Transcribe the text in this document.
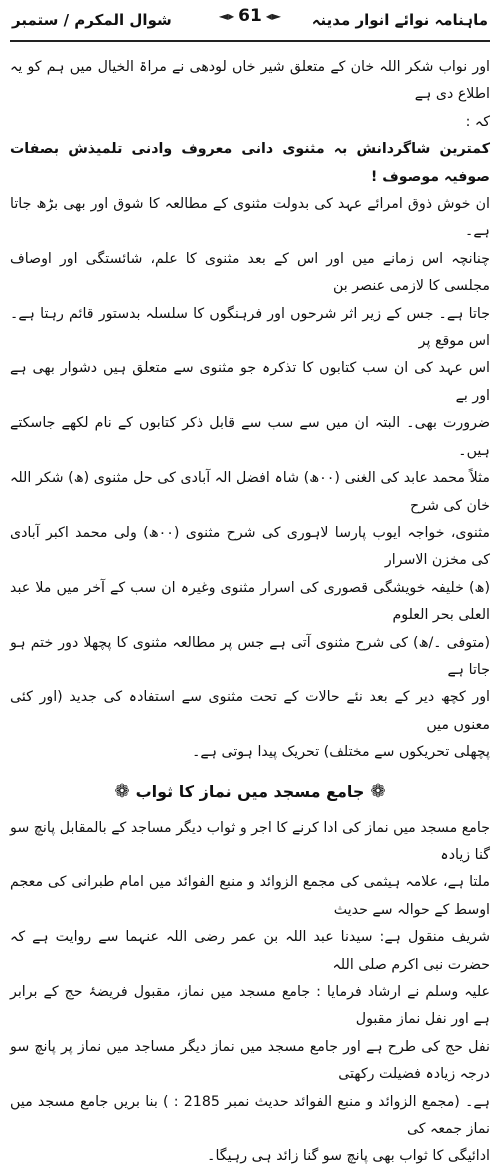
ماہنامہ نوائے انوار مدینہ
◄▸ 61 ◂►
شوال المکرم / ستمبر

اور نواب شکر اللہ خان کے متعلق شیر خاں لودھی نے مراۃ الخیال میں ہم کو یہ اطلاع دی ہے

کہ :

کمترین شاگردانش بہ مثنوی دانی معروف وادنی تلمیذش بصفات صوفیہ موصوف !

ان خوش ذوق امرائے عہد کی بدولت مثنوی کے مطالعہ کا شوق اور بھی بڑھ جاتا ہے۔

چنانچہ اس زمانے میں اور اس کے بعد مثنوی کا علم، شائستگی اور اوصاف مجلسی کا لازمی عنصر بن

جاتا ہے۔ جس کے زیر اثر شرحوں اور فرہنگوں کا سلسلہ بدستور قائم رہتا ہے۔ اس موقع پر

اس عہد کی ان سب کتابوں کا تذکرہ جو مثنوی سے متعلق ہیں دشوار بھی ہے اور بے

ضرورت بھی۔ البتہ ان میں سے سب سے قابل ذکر کتابوں کے نام لکھے جاسکتے ہیں۔

مثلاً محمد عابد کی الغنی (۰۰ھ) شاہ افضل الہ آبادی کی حل مثنوی (ھ) شکر اللہ خان کی شرح

مثنوی، خواجہ ایوب پارسا لاہوری کی شرح مثنوی (۰۰ھ) ولی محمد اکبر آبادی کی مخزن الاسرار

(ھ) خلیفہ خویشگی قصوری کی اسرار مثنوی وغیرہ ان سب کے آخر میں ملا عبد العلی بحر العلوم

(متوفی ۔/ھ) کی شرح مثنوی آتی ہے جس پر مطالعہ مثنوی کا پچھلا دور ختم ہو جاتا ہے

اور کچھ دیر کے بعد نئے حالات کے تحت مثنوی سے استفادہ کی جدید (اور کئی معنوں میں

پچھلی تحریکوں سے مختلف) تحریک پیدا ہوتی ہے۔

❁
جامع مسجد میں نماز کا ثواب
❁

جامع مسجد میں نماز کی ادا کرنے کا اجر و ثواب دیگر مساجد کے بالمقابل پانچ سو گنا زیادہ

ملتا ہے، علامہ ہیثمی کی مجمع الزوائد و منبع الفوائد میں امام طبرانی کی معجم اوسط کے حوالہ سے حدیث

شریف منقول ہے: سیدنا عبد اللہ بن عمر رضی اللہ عنہما سے روایت ہے کہ حضرت نبی اکرم صلی اللہ

علیہ وسلم نے ارشاد فرمایا : جامع مسجد میں نماز، مقبول فریضۂ حج کے برابر ہے اور نفل نماز مقبول

نفل حج کی طرح ہے اور جامع مسجد میں نماز دیگر مساجد میں نماز پر پانچ سو درجہ زیادہ فضیلت رکھتی

ہے۔ (مجمع الزوائد و منبع الفوائد حدیث نمبر 2185 : ) بنا بریں جامع مسجد میں نماز جمعہ کی

ادائیگی کا ثواب بھی پانچ سو گنا زائد ہی رہیگا۔
